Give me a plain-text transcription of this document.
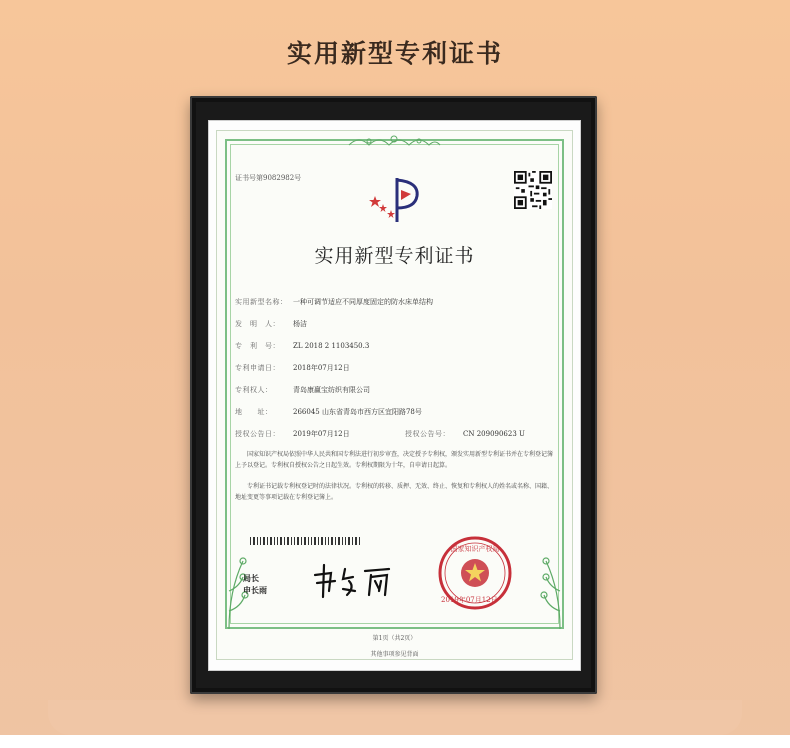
实用新型专利证书
证书号第9082982号
实用新型专利证书
实用新型名称： 一种可调节适应不同厚度固定的防水床单结构
发　明　人： 杨洁
专　利　号： ZL 2018 2 1103450.3
专利申请日： 2018年07月12日
专利权人：	青岛康赢宝纺织有限公司
地　　址：	266045 山东省青岛市西方区宜阳路78号
授权公告日： 2019年07月12日	授权公告号： CN 209090623 U
国家知识产权局依照中华人民共和国专利法进行初步审查，决定授予专利权，颁发实用新型专利证书并在专利登记簿上予以登记。专利权自授权公告之日起生效。专利权期限为十年，自申请日起算。
专利证书记载专利权登记时的法律状况。专利权的转移、质押、无效、终止、恢复和专利权人的姓名或名称、国籍、地址变更等事项记载在专利登记簿上。
局长
申长雨
国家知识产权局
2019年07月12日
第1页（共2页）
其他事项参见背面
